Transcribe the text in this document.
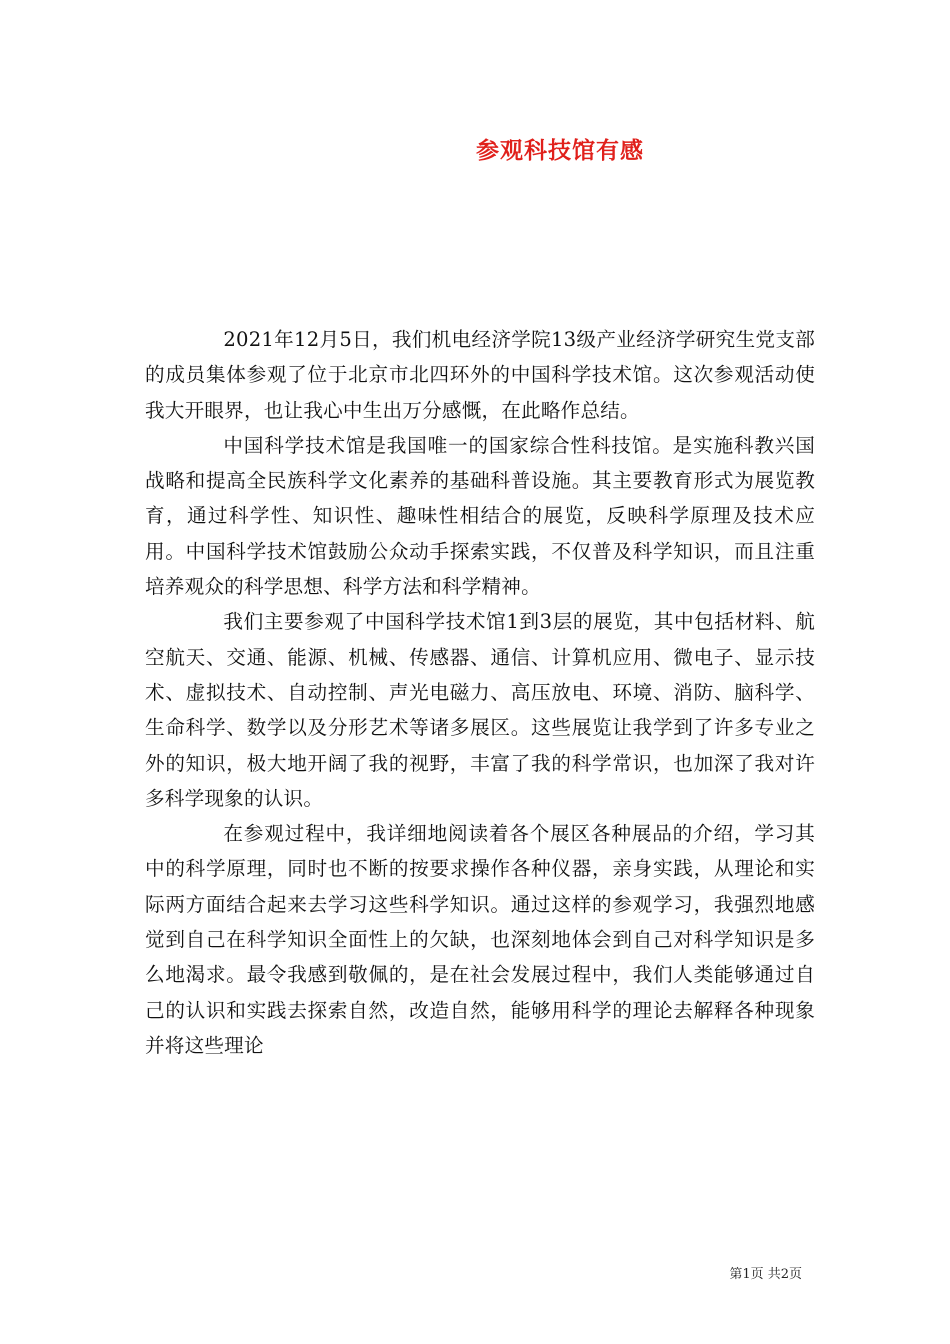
参观科技馆有感

2021年12月5日，我们机电经济学院13级产业经济学研究生党支部的成员集体参观了位于北京市北四环外的中国科学技术馆。这次参观活动使我大开眼界，也让我心中生出万分感慨，在此略作总结。

中国科学技术馆是我国唯一的国家综合性科技馆。是实施科教兴国战略和提高全民族科学文化素养的基础科普设施。其主要教育形式为展览教育，通过科学性、知识性、趣味性相结合的展览，反映科学原理及技术应用。中国科学技术馆鼓励公众动手探索实践，不仅普及科学知识，而且注重培养观众的科学思想、科学方法和科学精神。

我们主要参观了中国科学技术馆1到3层的展览，其中包括材料、航空航天、交通、能源、机械、传感器、通信、计算机应用、微电子、显示技术、虚拟技术、自动控制、声光电磁力、高压放电、环境、消防、脑科学、生命科学、数学以及分形艺术等诸多展区。这些展览让我学到了许多专业之外的知识，极大地开阔了我的视野，丰富了我的科学常识，也加深了我对许多科学现象的认识。

在参观过程中，我详细地阅读着各个展区各种展品的介绍，学习其中的科学原理，同时也不断的按要求操作各种仪器，亲身实践，从理论和实际两方面结合起来去学习这些科学知识。通过这样的参观学习，我强烈地感觉到自己在科学知识全面性上的欠缺，也深刻地体会到自己对科学知识是多么地渴求。最令我感到敬佩的，是在社会发展过程中，我们人类能够通过自己的认识和实践去探索自然，改造自然，能够用科学的理论去解释各种现象并将这些理论

第1页 共2页
